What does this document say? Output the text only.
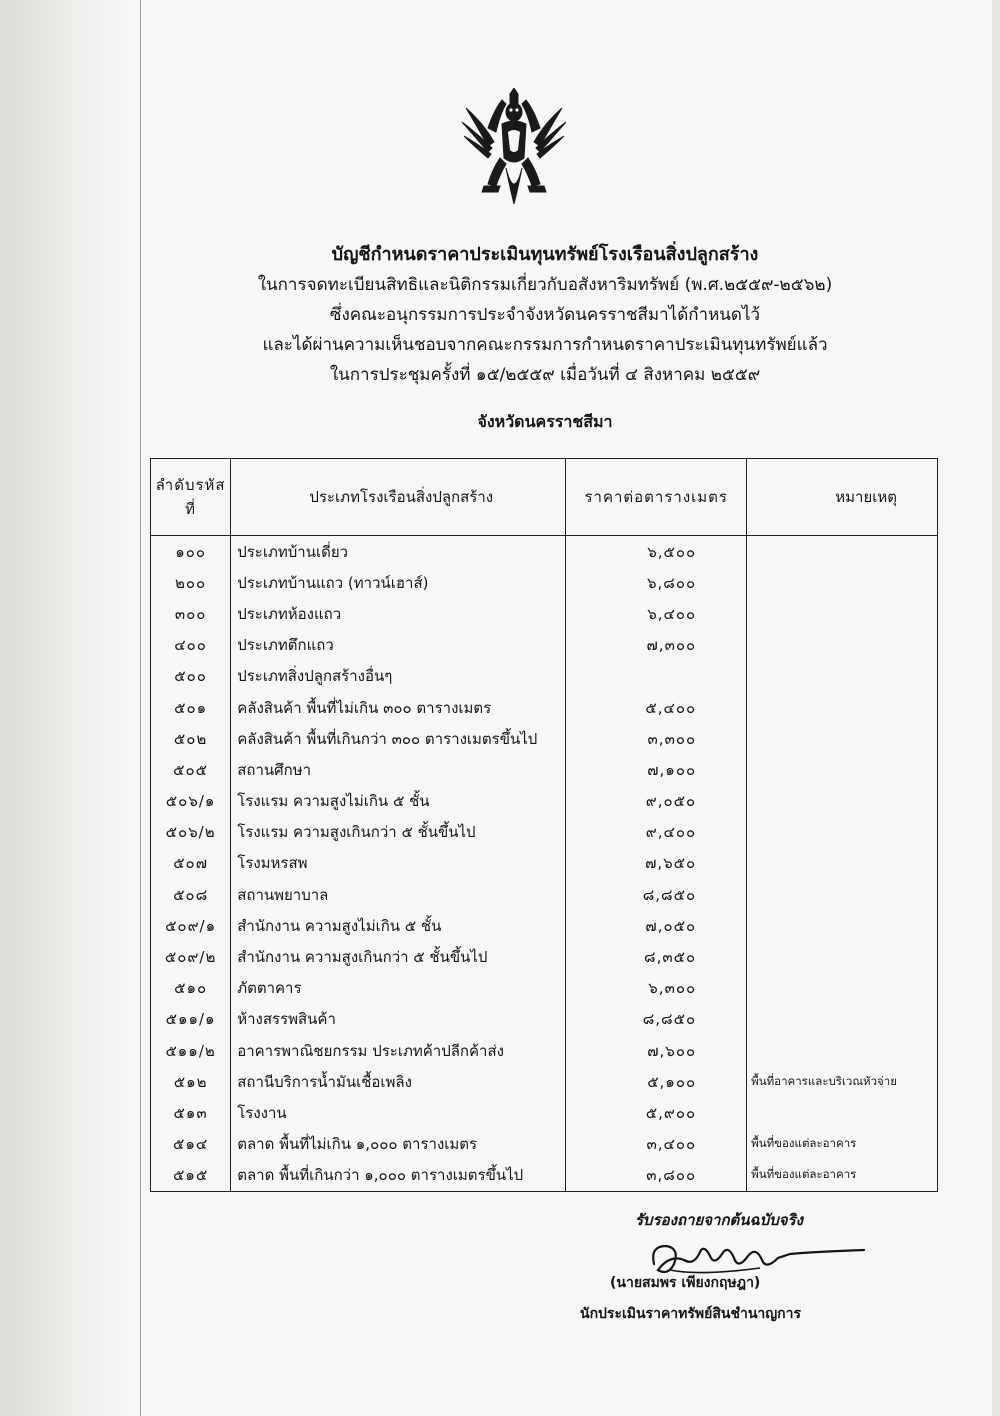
บัญชีกำหนดราคาประเมินทุนทรัพย์โรงเรือนสิ่งปลูกสร้าง
ในการจดทะเบียนสิทธิและนิติกรรมเกี่ยวกับอสังหาริมทรัพย์ (พ.ศ.๒๕๕๙-๒๕๖๒)
ซึ่งคณะอนุกรรมการประจำจังหวัดนครราชสีมาได้กำหนดไว้
และได้ผ่านความเห็นชอบจากคณะกรรมการกำหนดราคาประเมินทุนทรัพย์แล้ว
ในการประชุมครั้งที่ ๑๕/๒๕๕๙ เมื่อวันที่ ๔ สิงหาคม ๒๕๕๙
จังหวัดนครราชสีมา
ลำดับรหัสที่	ประเภทโรงเรือนสิ่งปลูกสร้าง	ราคาต่อตารางเมตร	หมายเหตุ
๑๐๐	ประเภทบ้านเดี่ยว	๖,๕๐๐	
๒๐๐	ประเภทบ้านแถว (ทาวน์เฮาส์)	๖,๘๐๐	
๓๐๐	ประเภทห้องแถว	๖,๔๐๐	
๔๐๐	ประเภทตึกแถว	๗,๓๐๐	
๕๐๐	ประเภทสิ่งปลูกสร้างอื่นๆ		
๕๐๑	คลังสินค้า พื้นที่ไม่เกิน ๓๐๐ ตารางเมตร	๕,๔๐๐	
๕๐๒	คลังสินค้า พื้นที่เกินกว่า ๓๐๐ ตารางเมตรขึ้นไป	๓,๓๐๐	
๕๐๕	สถานศึกษา	๗,๑๐๐	
๕๐๖/๑	โรงแรม ความสูงไม่เกิน ๕ ชั้น	๙,๐๕๐	
๕๐๖/๒	โรงแรม ความสูงเกินกว่า ๕ ชั้นขึ้นไป	๙,๔๐๐	
๕๐๗	โรงมหรสพ	๗,๖๕๐	
๕๐๘	สถานพยาบาล	๘,๘๕๐	
๕๐๙/๑	สำนักงาน ความสูงไม่เกิน ๕ ชั้น	๗,๐๕๐	
๕๐๙/๒	สำนักงาน ความสูงเกินกว่า ๕ ชั้นขึ้นไป	๘,๓๕๐	
๕๑๐	ภัตตาคาร	๖,๓๐๐	
๕๑๑/๑	ห้างสรรพสินค้า	๘,๘๕๐	
๕๑๑/๒	อาคารพาณิชยกรรม ประเภทค้าปลีกค้าส่ง	๗,๖๐๐	
๕๑๒	สถานีบริการน้ำมันเชื้อเพลิง	๕,๑๐๐	พื้นที่อาคารและบริเวณหัวจ่าย
๕๑๓	โรงงาน	๕,๙๐๐	
๕๑๔	ตลาด พื้นที่ไม่เกิน ๑,๐๐๐ ตารางเมตร	๓,๔๐๐	พื้นที่ของแต่ละอาคาร
๕๑๕	ตลาด พื้นที่เกินกว่า ๑,๐๐๐ ตารางเมตรขึ้นไป	๓,๘๐๐	พื้นที่ของแต่ละอาคาร
รับรองถายจากต้นฉบับจริง
(นายสมพร เพียงกฤษฎา)
นักประเมินราคาทรัพย์สินชำนาญการ
